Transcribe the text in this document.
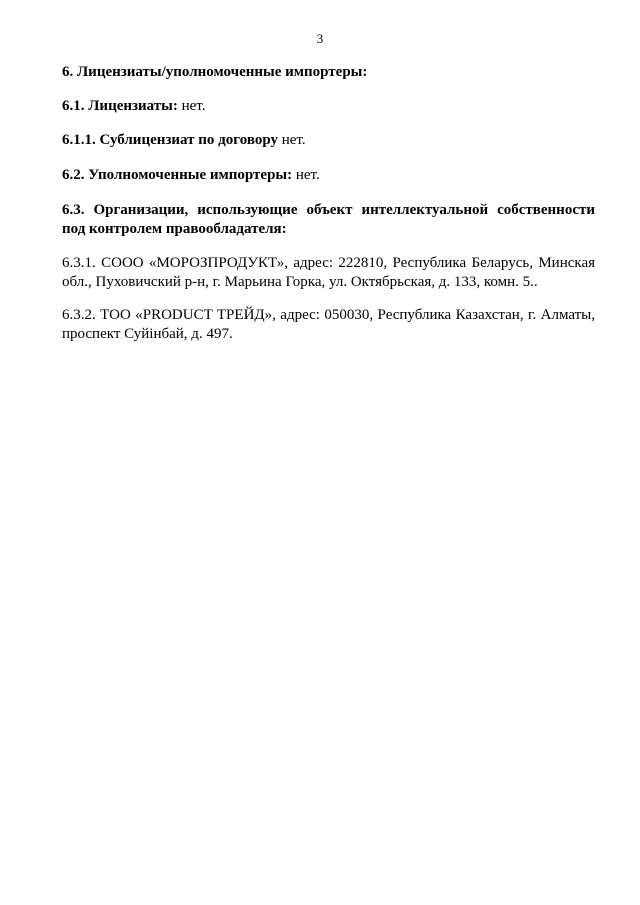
3
6. Лицензиаты/уполномоченные импортеры:
6.1. Лицензиаты: нет.
6.1.1. Сублицензиат по договору нет.
6.2. Уполномоченные импортеры: нет.
6.3. Организации, использующие объект интеллектуальной собственности
под контролем правообладателя:
6.3.1. СООО «МОРОЗПРОДУКТ», адрес: 222810, Республика Беларусь, Минская
обл., Пуховичский р-н, г. Марьина Горка, ул. Октябрьская, д. 133, комн. 5..
6.3.2. ТОО «PRODUCT ТРЕЙД», адрес: 050030, Республика Казахстан, г. Алматы,
проспект Суйінбай, д. 497.
